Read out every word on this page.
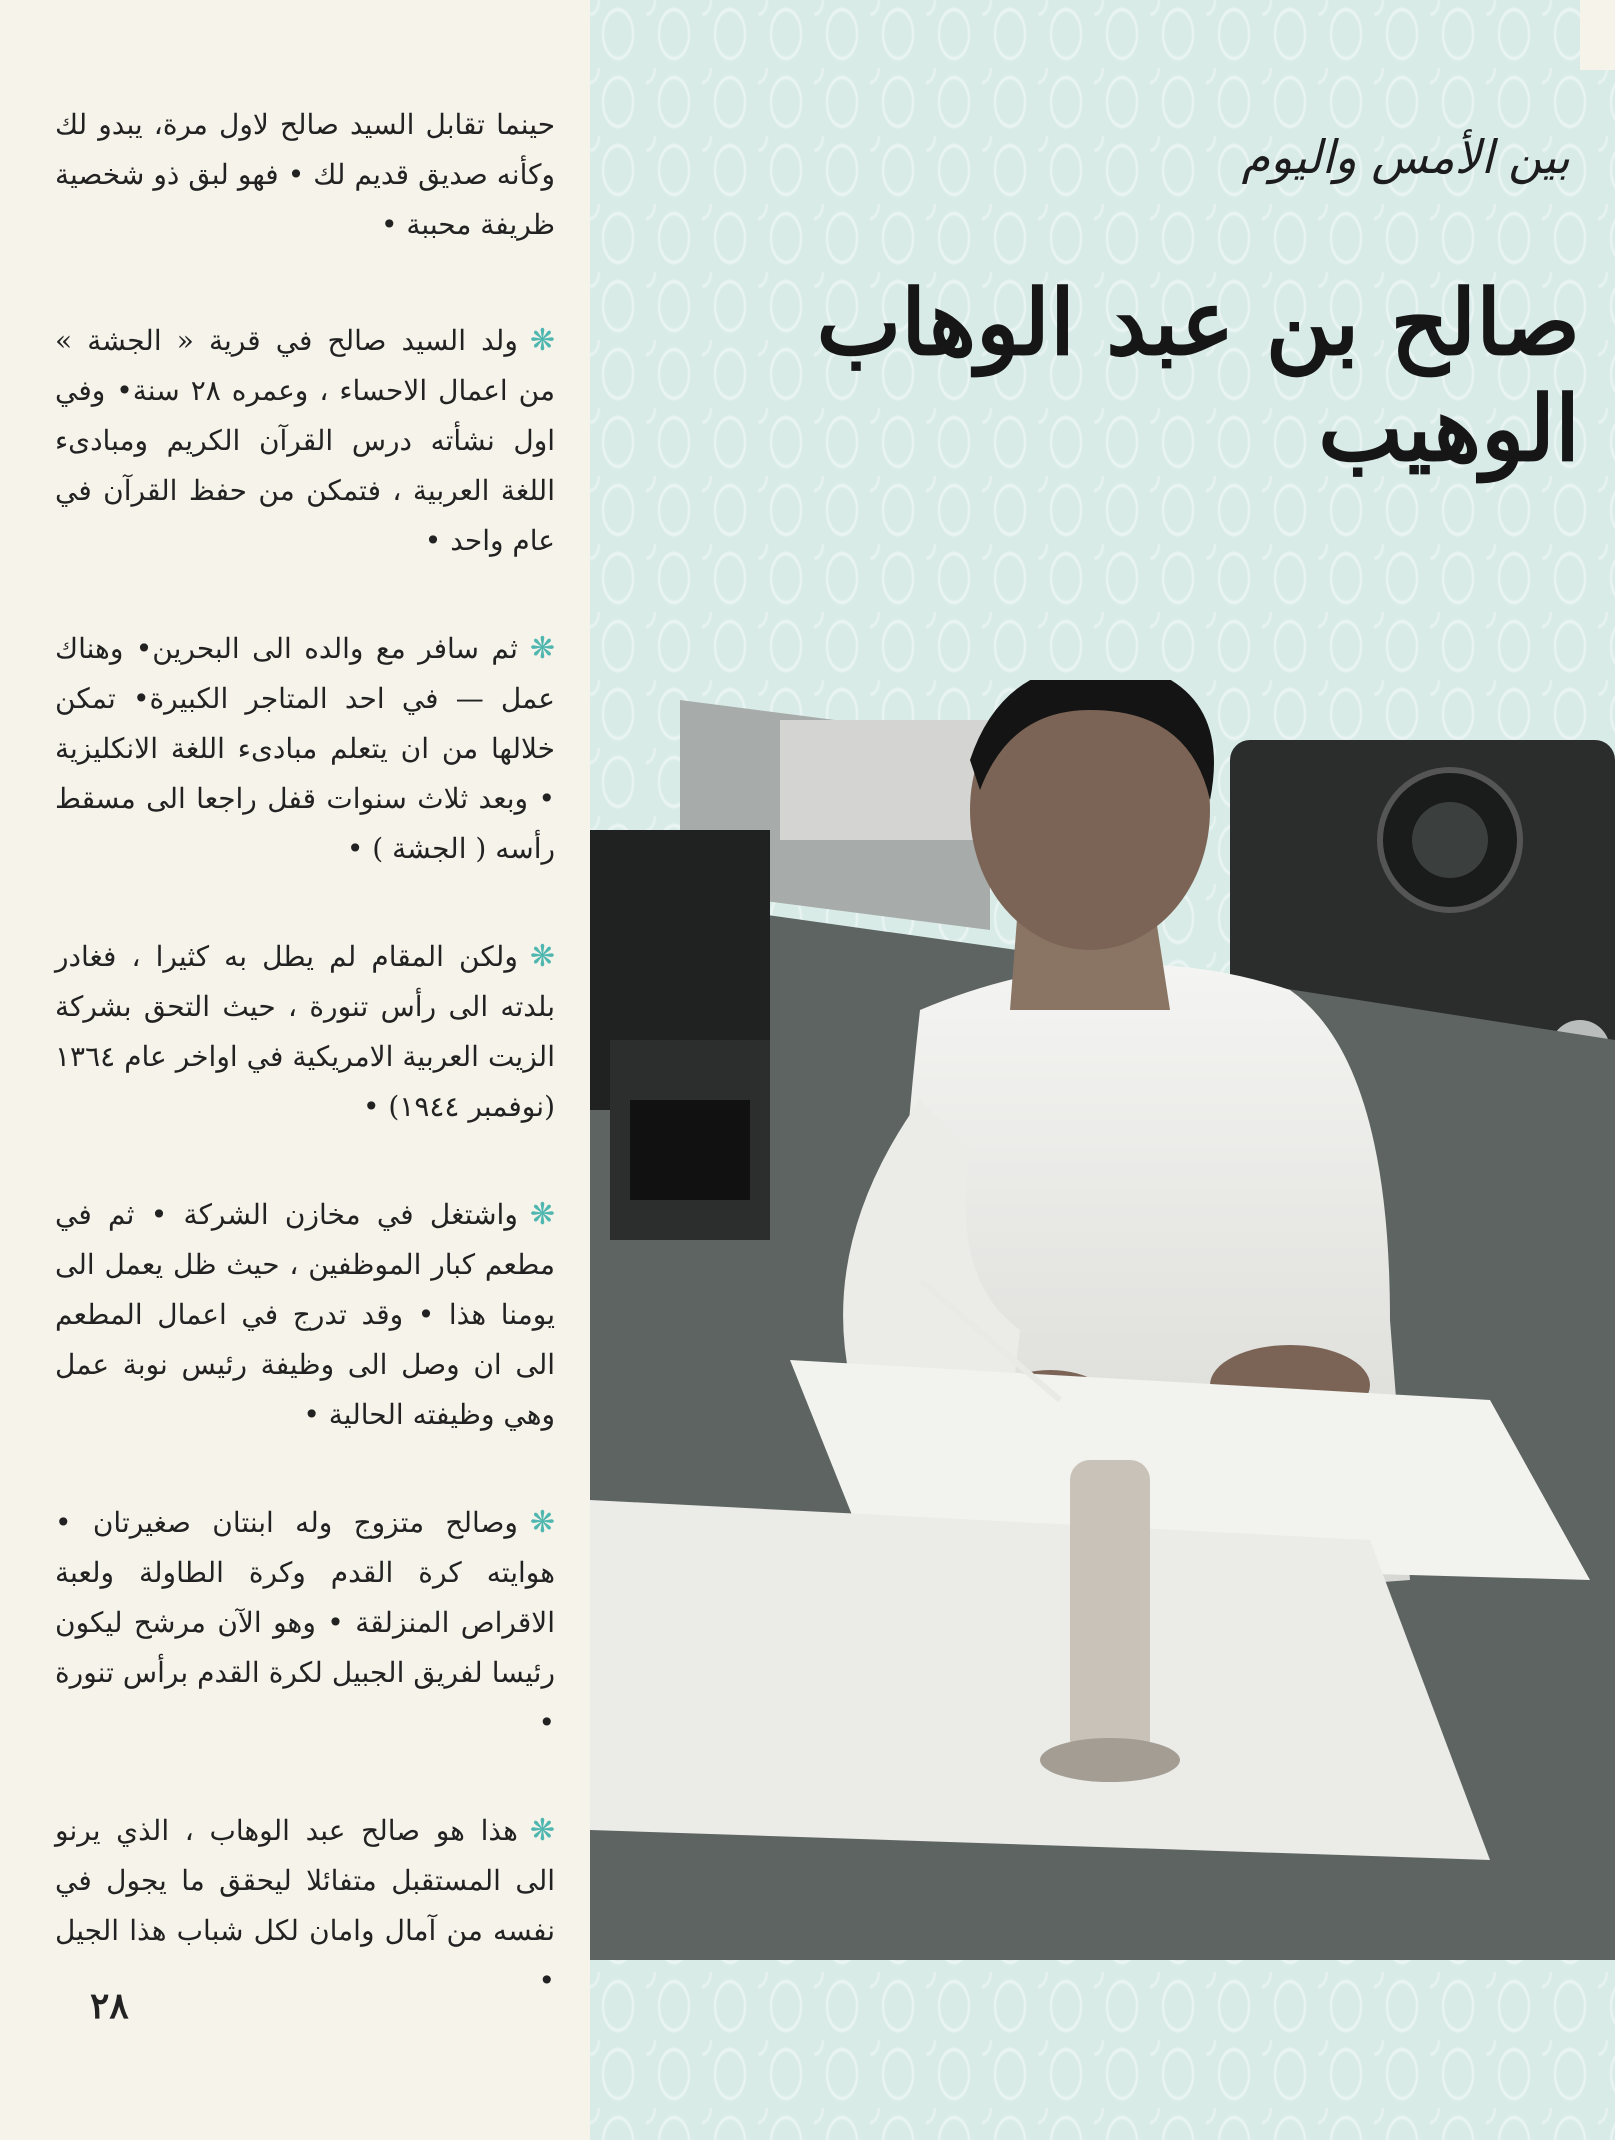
بين الأمس واليوم
صالح بن عبد الوهاب الوهيب

حينما تقابل السيد صالح لاول مرة، يبدو لك وكأنه صديق قديم لك • فهو لبق ذو شخصية ظريفة محببة •

❋ولد السيد صالح في قرية « الجشة » من اعمال الاحساء ، وعمره ٢٨ سنة• وفي اول نشأته درس القرآن الكريم ومبادىء اللغة العربية ، فتمكن من حفظ القرآن في عام واحد •

❋ثم سافر مع والده الى البحرين• وهناك عمل — في احد المتاجر الكبيرة• تمكن خلالها من ان يتعلم مبادىء اللغة الانكليزية • وبعد ثلاث سنوات قفل راجعا الى مسقط رأسه ( الجشة ) •

❋ولكن المقام لم يطل به كثيرا ، فغادر بلدته الى رأس تنورة ، حيث التحق بشركة الزيت العربية الامريكية في اواخر عام ١٣٦٤ (نوفمبر ١٩٤٤) •

❋واشتغل في مخازن الشركة • ثم في مطعم كبار الموظفين ، حيث ظل يعمل الى يومنا هذا • وقد تدرج في اعمال المطعم الى ان وصل الى وظيفة رئيس نوبة عمل وهي وظيفته الحالية •

❋وصالح متزوج وله ابنتان صغيرتان • هوايته كرة القدم وكرة الطاولة ولعبة الاقراص المنزلقة • وهو الآن مرشح ليكون رئيسا لفريق الجبيل لكرة القدم برأس تنورة •

❋هذا هو صالح عبد الوهاب ، الذي يرنو الى المستقبل متفائلا ليحقق ما يجول في نفسه من آمال وامان لكل شباب هذا الجيل •

٢٨
